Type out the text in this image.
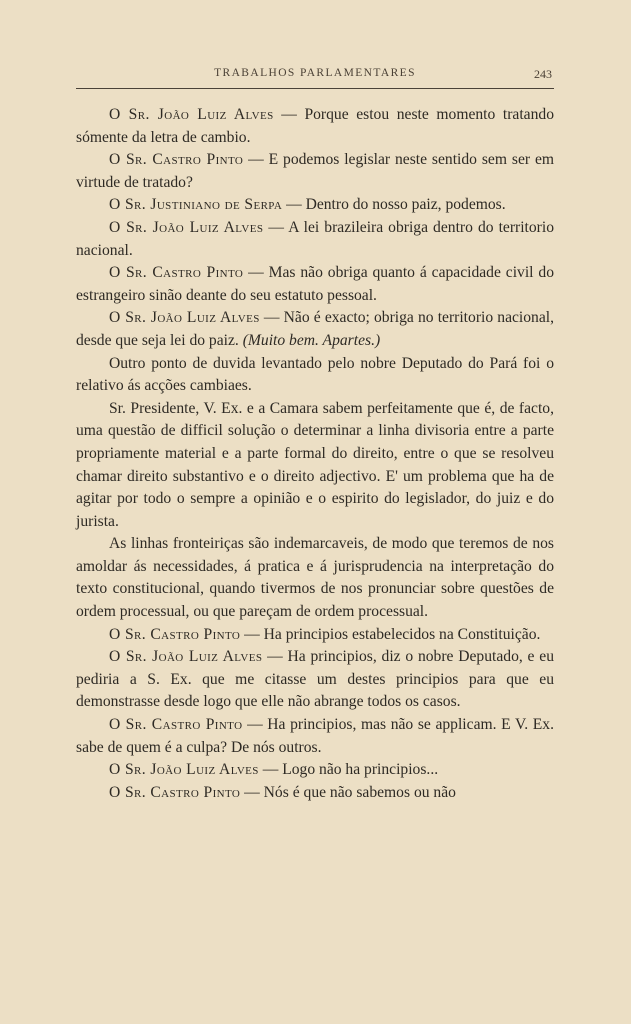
TRABALHOS PARLAMENTARES	243

O Sr. João Luiz Alves — Porque estou neste momento tratando sómente da letra de cambio.

O Sr. Castro Pinto — E podemos legislar neste sentido sem ser em virtude de tratado?

O Sr. Justiniano de Serpa — Dentro do nosso paiz, podemos.

O Sr. João Luiz Alves — A lei brazileira obriga dentro do territorio nacional.

O Sr. Castro Pinto — Mas não obriga quanto á capacidade civil do estrangeiro sinão deante do seu estatuto pessoal.

O Sr. João Luiz Alves — Não é exacto; obriga no territorio nacional, desde que seja lei do paiz. (Muito bem. Apartes.)

Outro ponto de duvida levantado pelo nobre Deputado do Pará foi o relativo ás acções cambiaes.

Sr. Presidente, V. Ex. e a Camara sabem perfeitamente que é, de facto, uma questão de difficil solução o determinar a linha divisoria entre a parte propriamente material e a parte formal do direito, entre o que se resolveu chamar direito substantivo e o direito adjectivo. E' um problema que ha de agitar por todo o sempre a opinião e o espirito do legislador, do juiz e do jurista.

As linhas fronteiriças são indemarcaveis, de modo que teremos de nos amoldar ás necessidades, á pratica e á jurisprudencia na interpretação do texto constitucional, quando tivermos de nos pronunciar sobre questões de ordem processual, ou que pareçam de ordem processual.

O Sr. Castro Pinto — Ha principios estabelecidos na Constituição.

O Sr. João Luiz Alves — Ha principios, diz o nobre Deputado, e eu pediria a S. Ex. que me citasse um destes principios para que eu demonstrasse desde logo que elle não abrange todos os casos.

O Sr. Castro Pinto — Ha principios, mas não se applicam. E V. Ex. sabe de quem é a culpa? De nós outros.

O Sr. João Luiz Alves — Logo não ha principios...

O Sr. Castro Pinto — Nós é que não sabemos ou não
